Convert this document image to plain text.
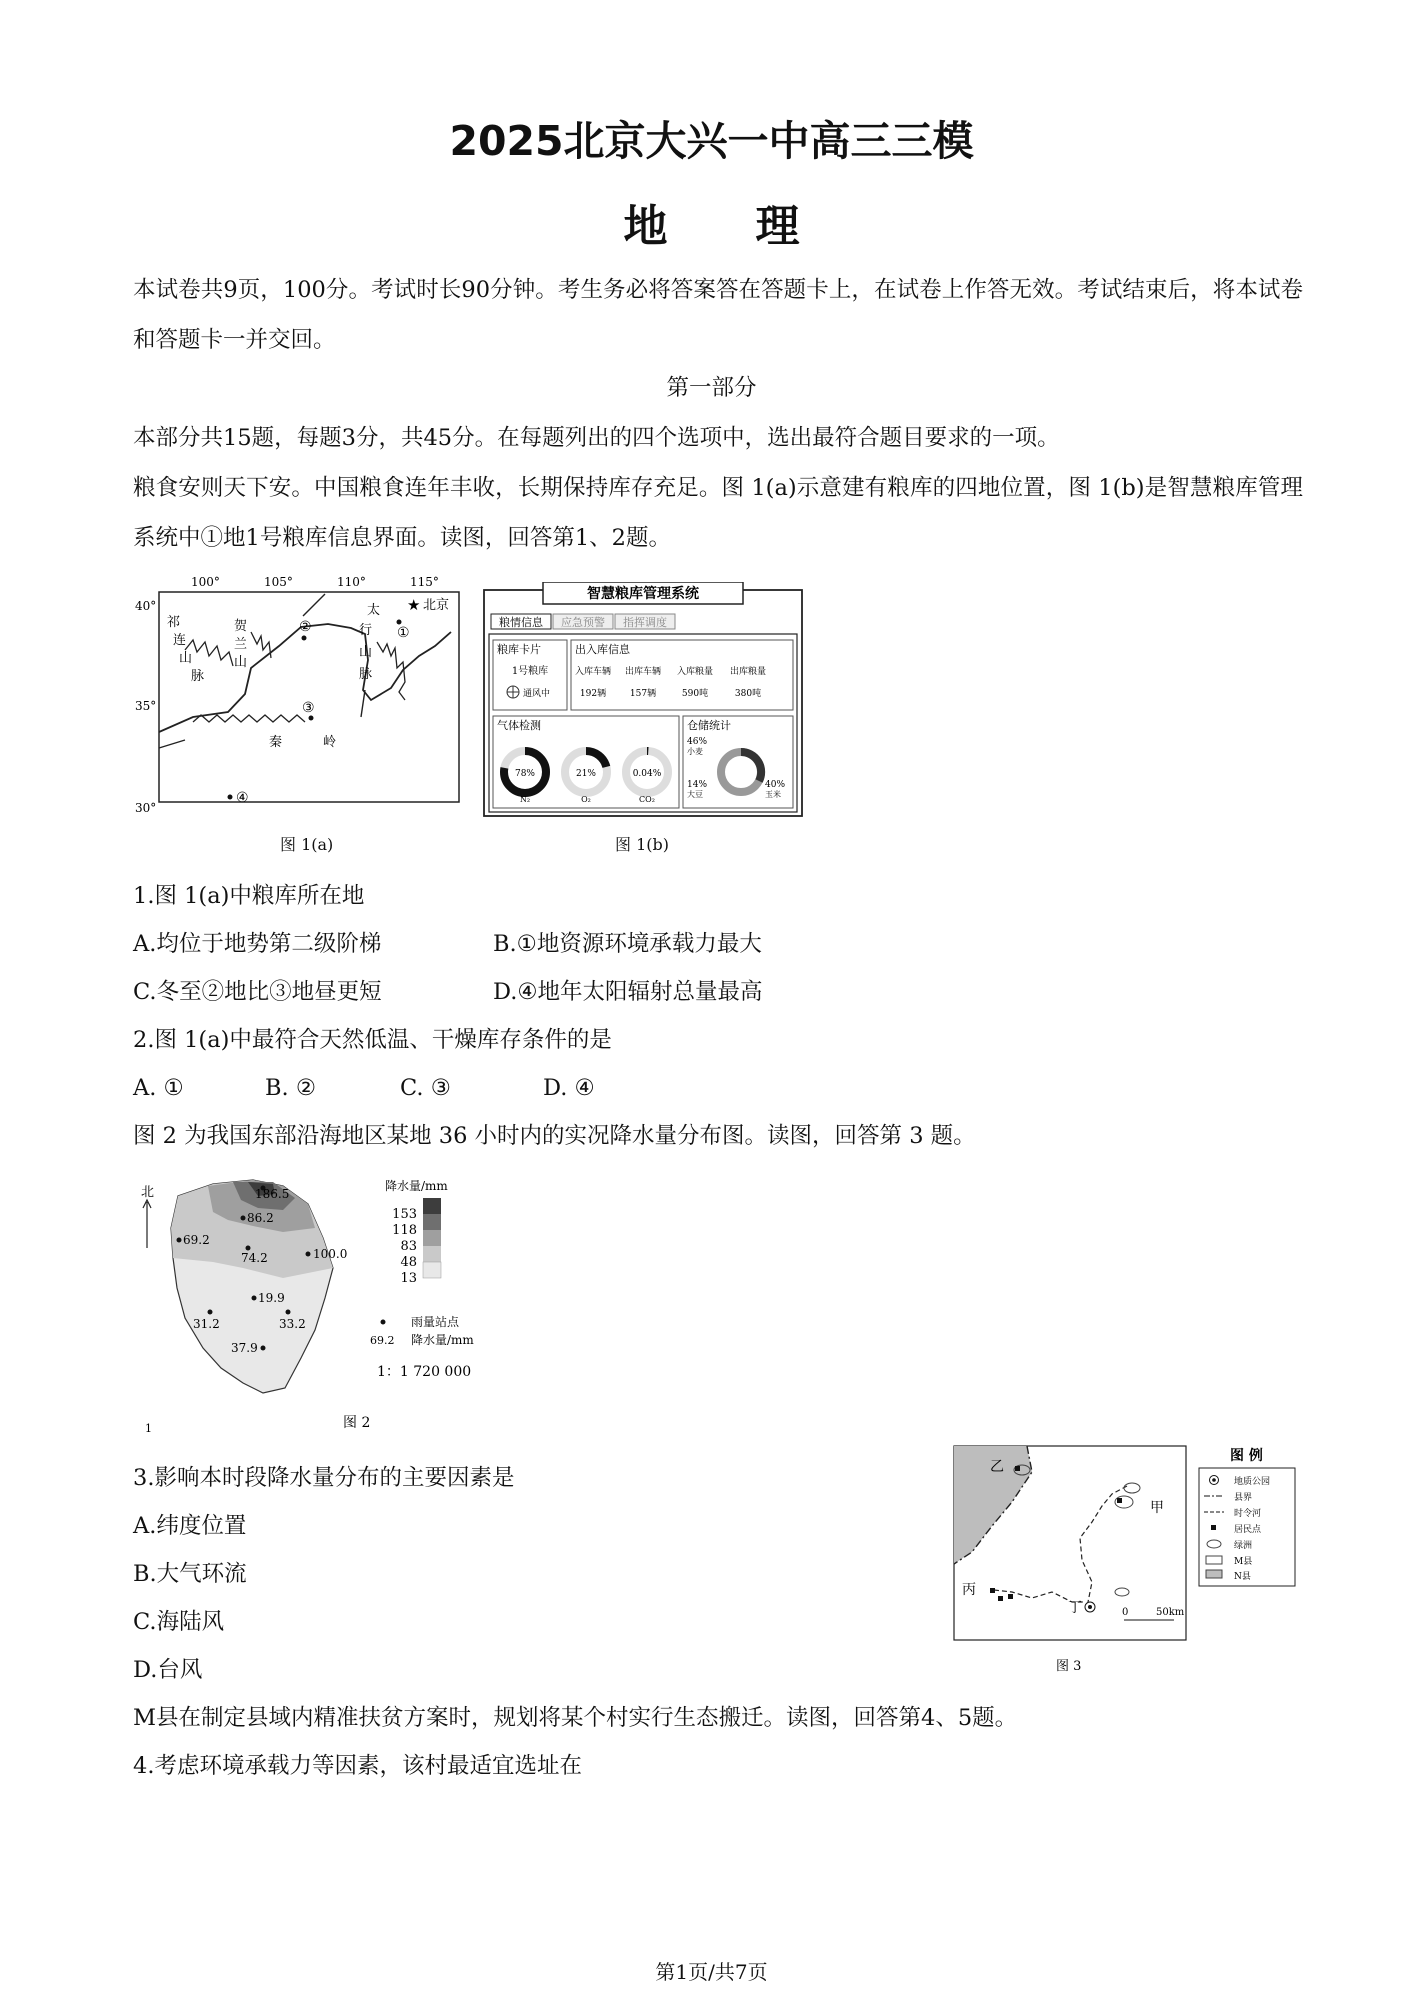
2025北京大兴一中高三三模
地理
本试卷共9页，100分。考试时长90分钟。考生务必将答案答在答题卡上，在试卷上作答无效。考试结束后，将本试卷和答题卡一并交回。
第一部分
本部分共15题，每题3分，共45分。在每题列出的四个选项中，选出最符合题目要求的一项。
粮食安则天下安。中国粮食连年丰收，长期保持库存充足。图 1(a)示意建有粮库的四地位置，图 1(b)是智慧粮库管理系统中①地1号粮库信息界面。读图，回答第1、2题。
100°	105°	110°	115°
40°
35°
30°
祁
连
山
脉
贺
兰
山
太
行
山
脉
秦	岭
★ 北京
①
②
③
④
图 1(a)
智慧粮库管理系统
粮情信息 应急预警 指挥调度
粮库卡片
1号粮库
通风中
出入库信息
入库车辆 出库车辆 入库粮量 出库粮量
192辆	157辆	590吨	380吨
气体检测
78%
N₂
21%
O₂
0.04%
CO₂
仓储统计
46%
小麦
14%
大豆
40%
玉米
图 1(b)
1.图 1(a)中粮库所在地
A.均位于地势第二级阶梯	B.①地资源环境承载力最大
C.冬至②地比③地昼更短	D.④地年太阳辐射总量最高
2.图 1(a)中最符合天然低温、干燥库存条件的是
A. ①	B. ②	C. ③	D. ④
图 2 为我国东部沿海地区某地 36 小时内的实况降水量分布图。读图，回答第 3 题。
北	186.5
86.2
69.2
74.2	100.0
19.9
31.2	33.2
37.9
降水量/mm
153
118
83
48
13
雨量站点
69.2 降水量/mm
1：1 720 000
1	图 2
3.影响本时段降水量分布的主要因素是
A.纬度位置
B.大气环流
C.海陆风
D.台风
乙
甲
丙
丁	0	50km
图 例
地质公园
县界
时令河
居民点
绿洲
M县
N县
图 3
M县在制定县域内精准扶贫方案时，规划将某个村实行生态搬迁。读图，回答第4、5题。
4.考虑环境承载力等因素，该村最适宜选址在
第1页/共7页
